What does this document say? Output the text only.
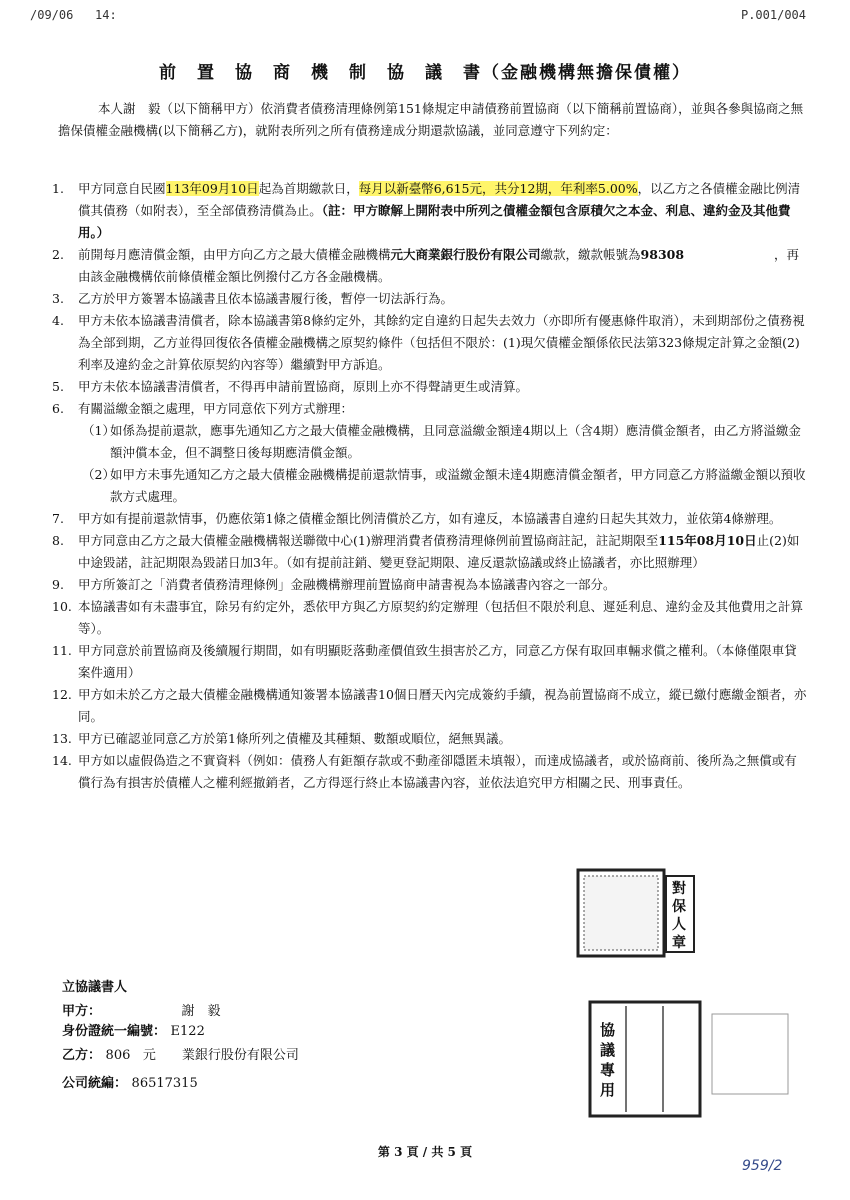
/09/06 14:	P.001/004
前　置　協　商　機　制　協　議　書（金融機構無擔保債權）
本人謝　毅（以下簡稱甲方）依消費者債務清理條例第151條規定申請債務前置協商（以下簡稱前置協商），並與各參與協商之無擔保債權金融機構(以下簡稱乙方)，就附表所列之所有債務達成分期還款協議，並同意遵守下列約定：
1.	甲方同意自民國113年09月10日起為首期繳款日，每月以新臺幣6,615元，共分12期，年利率5.00%，以乙方之各債權金融比例清償其債務（如附表），至全部債務清償為止。（註：甲方瞭解上開附表中所列之債權金額包含原積欠之本金、利息、違約金及其他費用。）
2.	前開每月應清償金額，由甲方向乙方之最大債權金融機構元大商業銀行股份有限公司繳款，繳款帳號為98308	，再由該金融機構依前條債權金額比例撥付乙方各金融機構。
3.	乙方於甲方簽署本協議書且依本協議書履行後，暫停一切法訴行為。
4.	甲方未依本協議書清償者，除本協議書第8條約定外，其餘約定自違約日起失去效力（亦即所有優惠條件取消），未到期部份之債務視為全部到期，乙方並得回復依各債權金融機構之原契約條件（包括但不限於：(1)現欠債權金額係依民法第323條規定計算之金額(2)利率及違約金之計算依原契約內容等）繼續對甲方訴追。
5.	甲方未依本協議書清償者，不得再申請前置協商，原則上亦不得聲請更生或清算。
6.	有關溢繳金額之處理，甲方同意依下列方式辦理：
（1）
如係為提前還款，應事先通知乙方之最大債權金融機構，且同意溢繳金額達4期以上（含4期）應清償金額者，由乙方將溢繳金額沖償本金，但不調整日後每期應清償金額。
（2）
如甲方未事先通知乙方之最大債權金融機構提前還款情事，或溢繳金額未達4期應清償金額者，甲方同意乙方將溢繳金額以預收款方式處理。
7.	甲方如有提前還款情事，仍應依第1條之債權金額比例清償於乙方，如有違反，本協議書自違約日起失其效力，並依第4條辦理。
8.	甲方同意由乙方之最大債權金融機構報送聯徵中心(1)辦理消費者債務清理條例前置協商註記，註記期限至115年08月10日止(2)如中途毀諾，註記期限為毀諾日加3年。（如有提前註銷、變更登記期限、違反還款協議或終止協議者，亦比照辦理）
9.	甲方所簽訂之「消費者債務清理條例」金融機構辦理前置協商申請書視為本協議書內容之一部分。
10. 本協議書如有未盡事宜，除另有約定外，悉依甲方與乙方原契約約定辦理（包括但不限於利息、遲延利息、違約金及其他費用之計算等）。
11. 甲方同意於前置協商及後續履行期間，如有明顯貶落動產價值致生損害於乙方，同意乙方保有取回車輛求償之權利。（本條僅限車貸案件適用）
12. 甲方如未於乙方之最大債權金融機構通知簽署本協議書10個日曆天內完成簽約手續，視為前置協商不成立，縱已繳付應繳金額者，亦同。
13. 甲方已確認並同意乙方於第1條所列之債權及其種類、數額或順位，絕無異議。
14. 甲方如以虛假偽造之不實資料（例如：債務人有鉅額存款或不動產卻隱匿未填報），而達成協議者，或於協商前、後所為之無償或有償行為有損害於債權人之權利經撤銷者，乙方得逕行終止本協議書內容，並依法追究甲方相關之民、刑事責任。
對保人章
立協議書人
甲方：	謝　毅
身份證統一編號： E122
乙方： 806 元　　業銀行股份有限公司
公司統編： 86517315
協議專用
第 3 頁 / 共 5 頁
959/2
